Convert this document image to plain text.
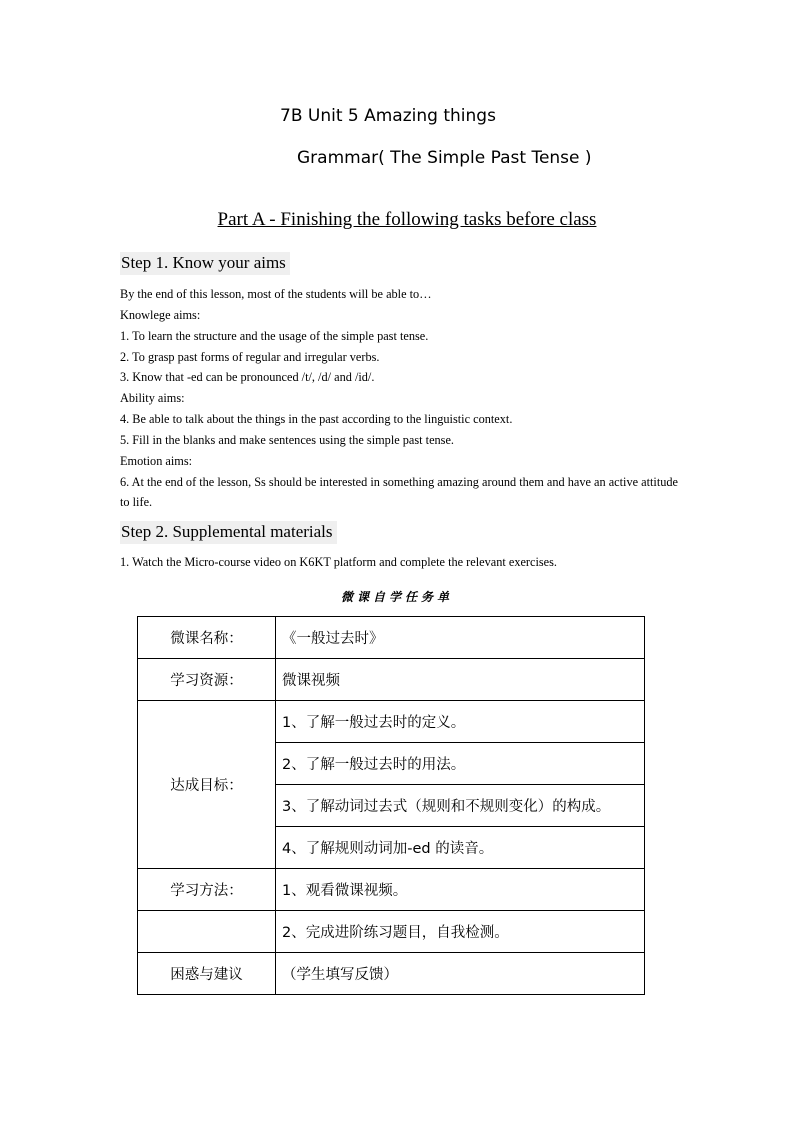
7B Unit 5 Amazing things
Grammar( The Simple Past Tense )
Part A - Finishing the following tasks before class
Step 1. Know your aims
By the end of this lesson, most of the students will be able to…
Knowlege aims:
1. To learn the structure and the usage of the simple past tense.
2. To grasp past forms of regular and irregular verbs.
3. Know that -ed can be pronounced /t/, /d/ and /id/.
Ability aims:
4. Be able to talk about the things in the past according to the linguistic context.
5. Fill in the blanks and make sentences using the simple past tense.
Emotion aims:
6. At the end of the lesson, Ss should be interested in something amazing around them and have an active attitude to life.
Step 2. Supplemental materials
1. Watch the Micro-course video on K6KT platform and complete the relevant exercises.
微课自学任务单
微课名称：	《一般过去时》
学习资源：	微课视频
达成目标：	1、了解一般过去时的定义。
	2、了解一般过去时的用法。
	3、了解动词过去式（规则和不规则变化）的构成。
	4、了解规则动词加-ed 的读音。
学习方法：	1、观看微课视频。
	2、完成进阶练习题目，自我检测。
困惑与建议	（学生填写反馈）
